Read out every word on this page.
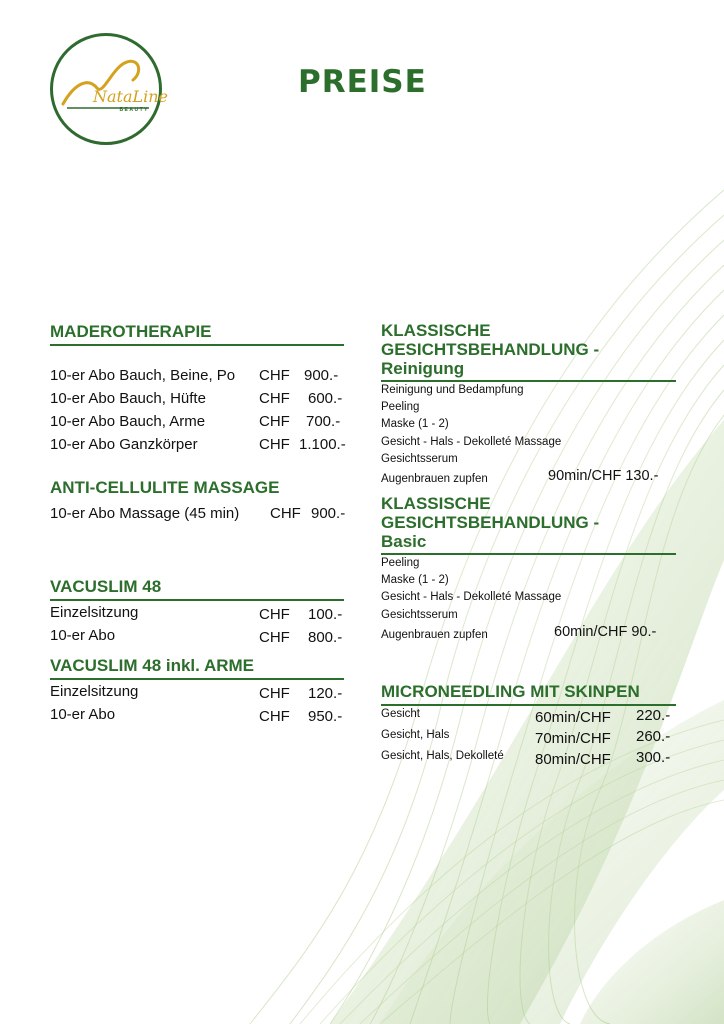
NataLine
BEAUTY
PREISE
MADEROTHERAPIE
10-er Abo Bauch, Beine, Po CHF 900.-
10-er Abo Bauch, Hüfte	CHF 600.-
10-er Abo Bauch, Arme	CHF 700.-
10-er Abo Ganzkörper	CHF 1.100.-
ANTI-CELLULITE MASSAGE
10-er Abo Massage (45 min) CHF 900.-
VACUSLIM 48
Einzelsitzung	CHF 100.-
10-er Abo	CHF 800.-
VACUSLIM 48 inkl. ARME
Einzelsitzung	CHF 120.-
10-er Abo	CHF 950.-
KLASSISCHE
GESICHTSBEHANDLUNG -
Reinigung
Reinigung und Bedampfung
Peeling
Maske (1 - 2)
Gesicht - Hals - Dekolleté Massage
Gesichtsserum
Augenbrauen zupfen	90min/CHF 130.-
KLASSISCHE
GESICHTSBEHANDLUNG -
Basic
Peeling
Maske (1 - 2)
Gesicht - Hals - Dekolleté Massage
Gesichtsserum
Augenbrauen zupfen	60min/CHF 90.-
MICRONEEDLING MIT SKINPEN
Gesicht	60min/CHF 220.-
Gesicht, Hals	70min/CHF 260.-
Gesicht, Hals, Dekolleté 80min/CHF 300.-
